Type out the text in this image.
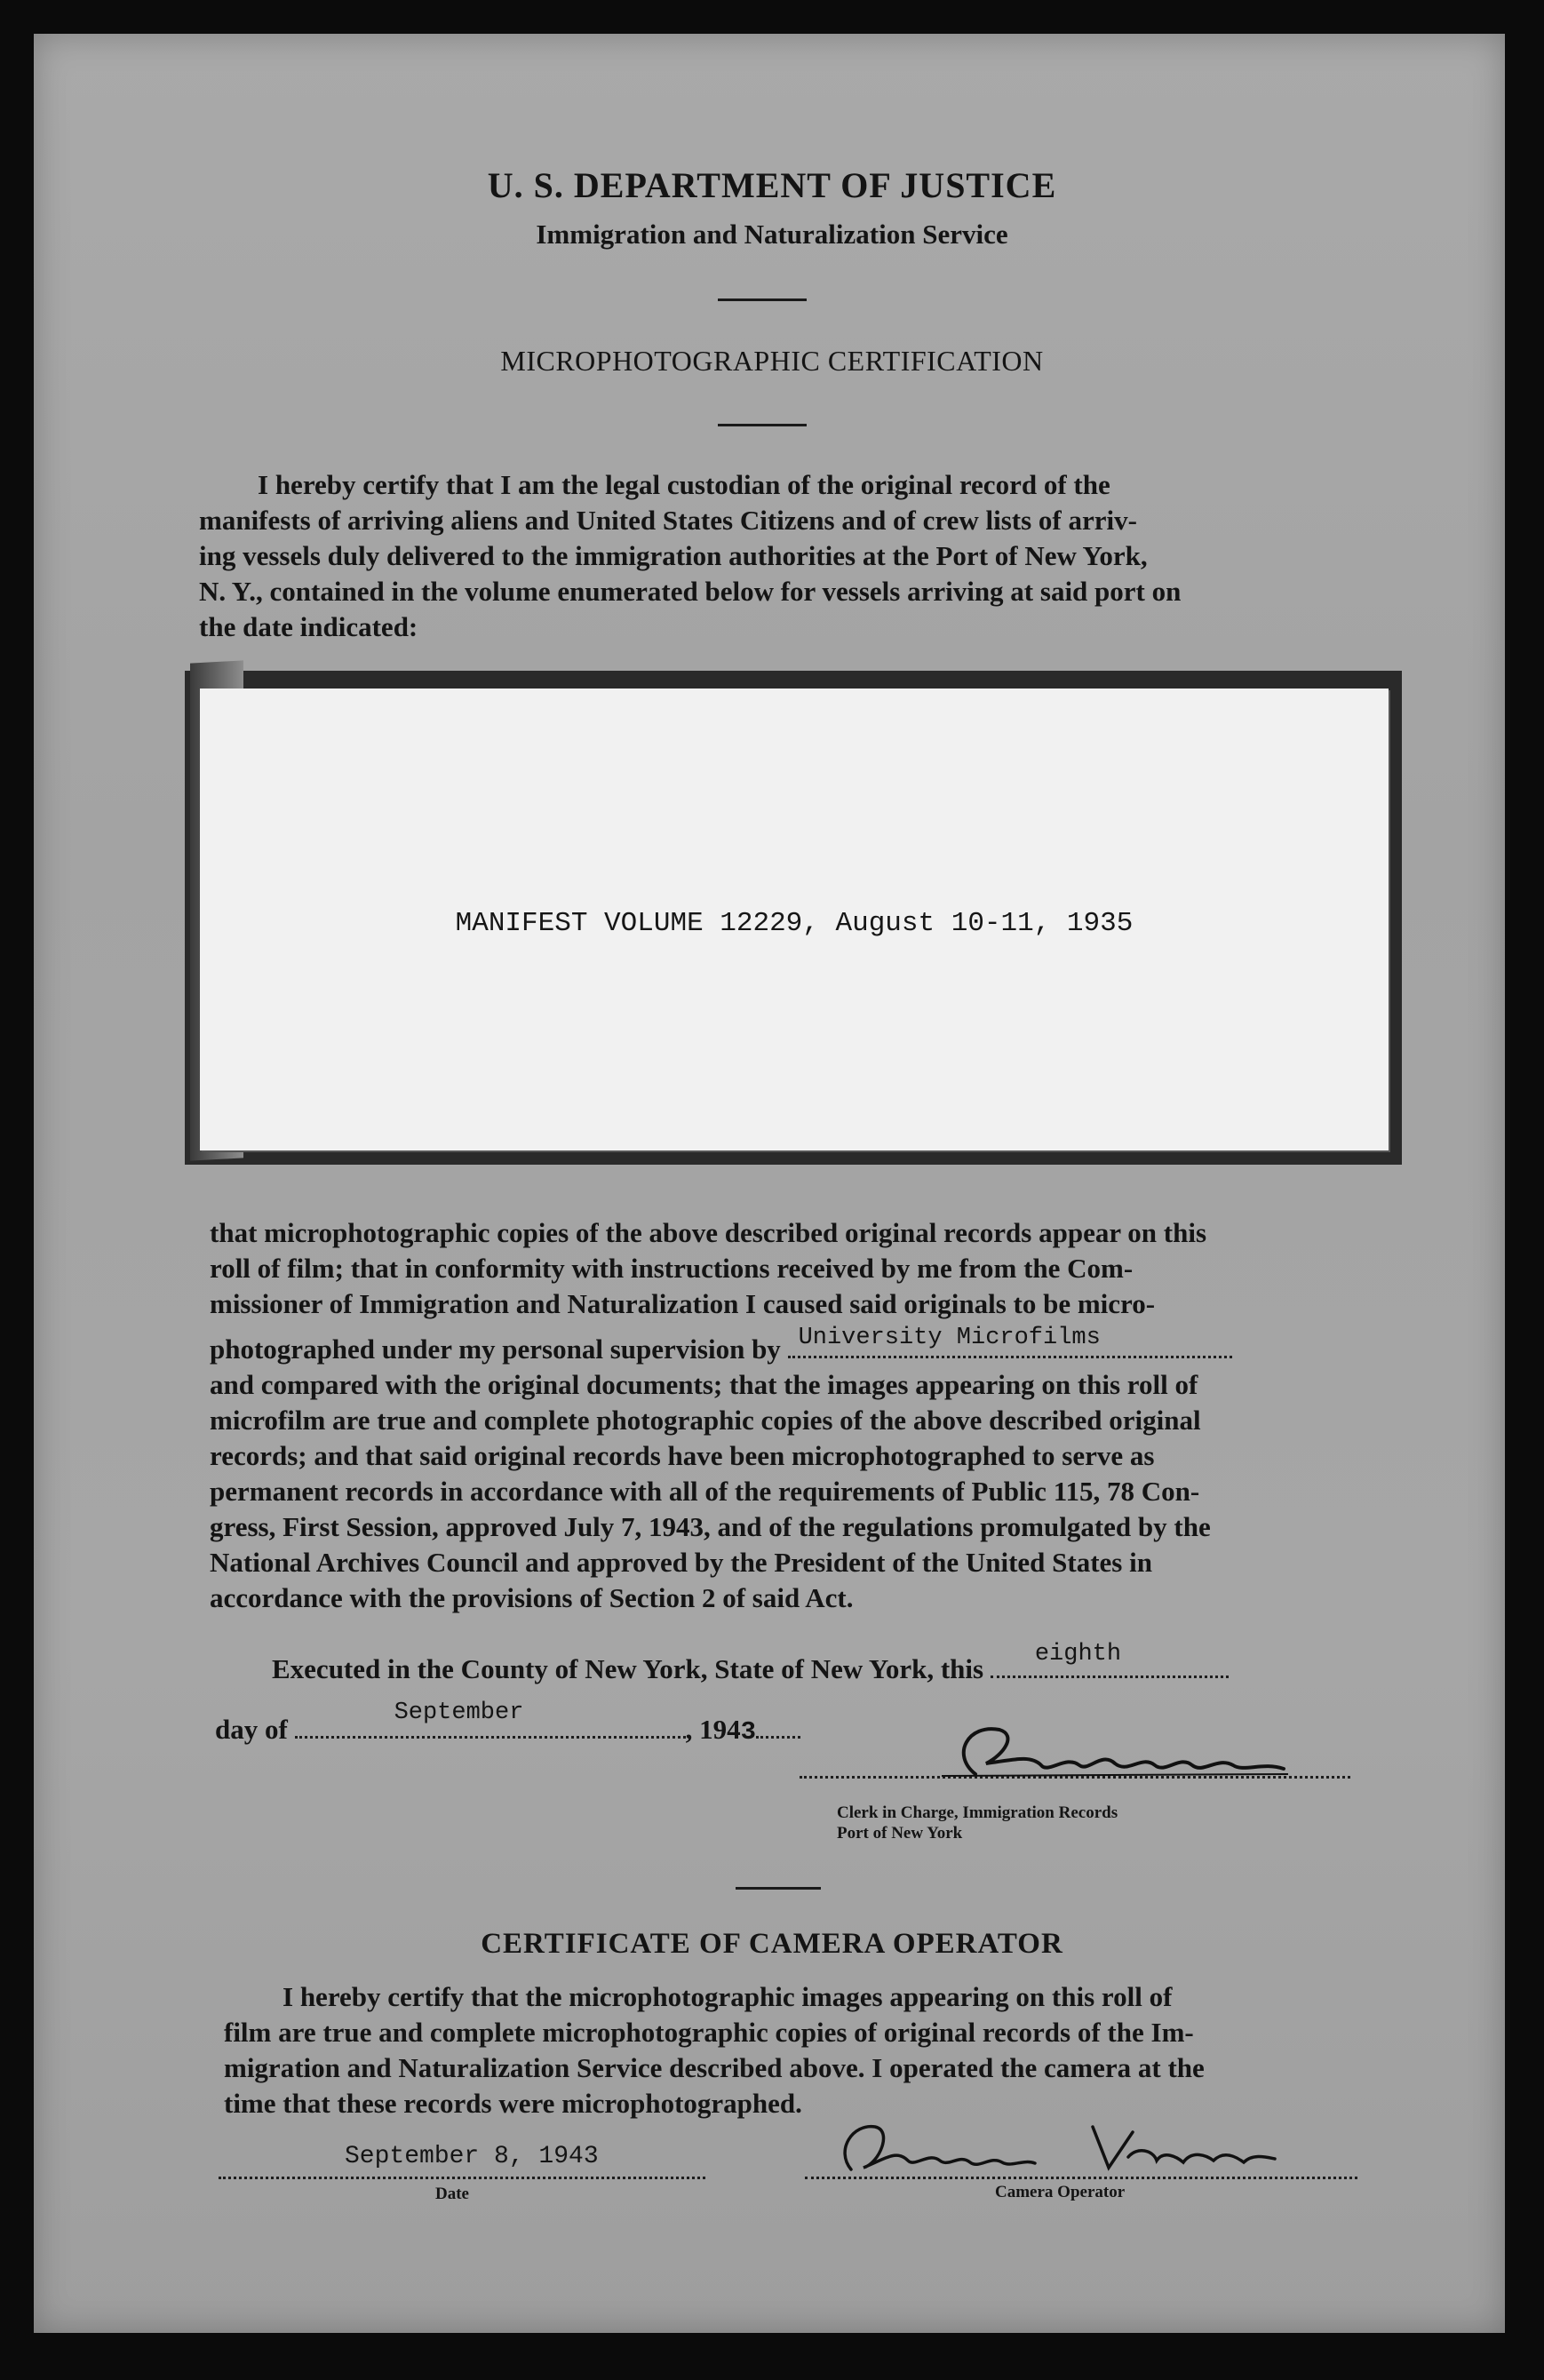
U. S. DEPARTMENT OF JUSTICE
Immigration and Naturalization Service
MICROPHOTOGRAPHIC CERTIFICATION

I hereby certify that I am the legal custodian of the original record of the

manifests of arriving aliens and United States Citizens and of crew lists of arriv-

ing vessels duly delivered to the immigration authorities at the Port of New York,

N. Y., contained in the volume enumerated below for vessels arriving at said port on

the date indicated:

MANIFEST VOLUME 12229, August 10-11, 1935

that microphotographic copies of the above described original records appear on this

roll of film; that in conformity with instructions received by me from the Com-

missioner of Immigration and Naturalization I caused said originals to be micro-

photographed under my personal supervision by University Microfilms

and compared with the original documents; that the images appearing on this roll of

microfilm are true and complete photographic copies of the above described original

records; and that said original records have been microphotographed to serve as

permanent records in accordance with all of the requirements of Public 115, 78 Con-

gress, First Session, approved July 7, 1943, and of the regulations promulgated by the

National Archives Council and approved by the President of the United States in

accordance with the provisions of Section 2 of said Act.

Executed in the County of New York, State of New York, this eighth
day of
September
, 1943
Clerk in Charge, Immigration Records
Port of New York
CERTIFICATE OF CAMERA OPERATOR

I hereby certify that the microphotographic images appearing on this roll of

film are true and complete microphotographic copies of original records of the Im-

migration and Naturalization Service described above. I operated the camera at the

time that these records were microphotographed.

September 8, 1943
Date	Camera Operator
